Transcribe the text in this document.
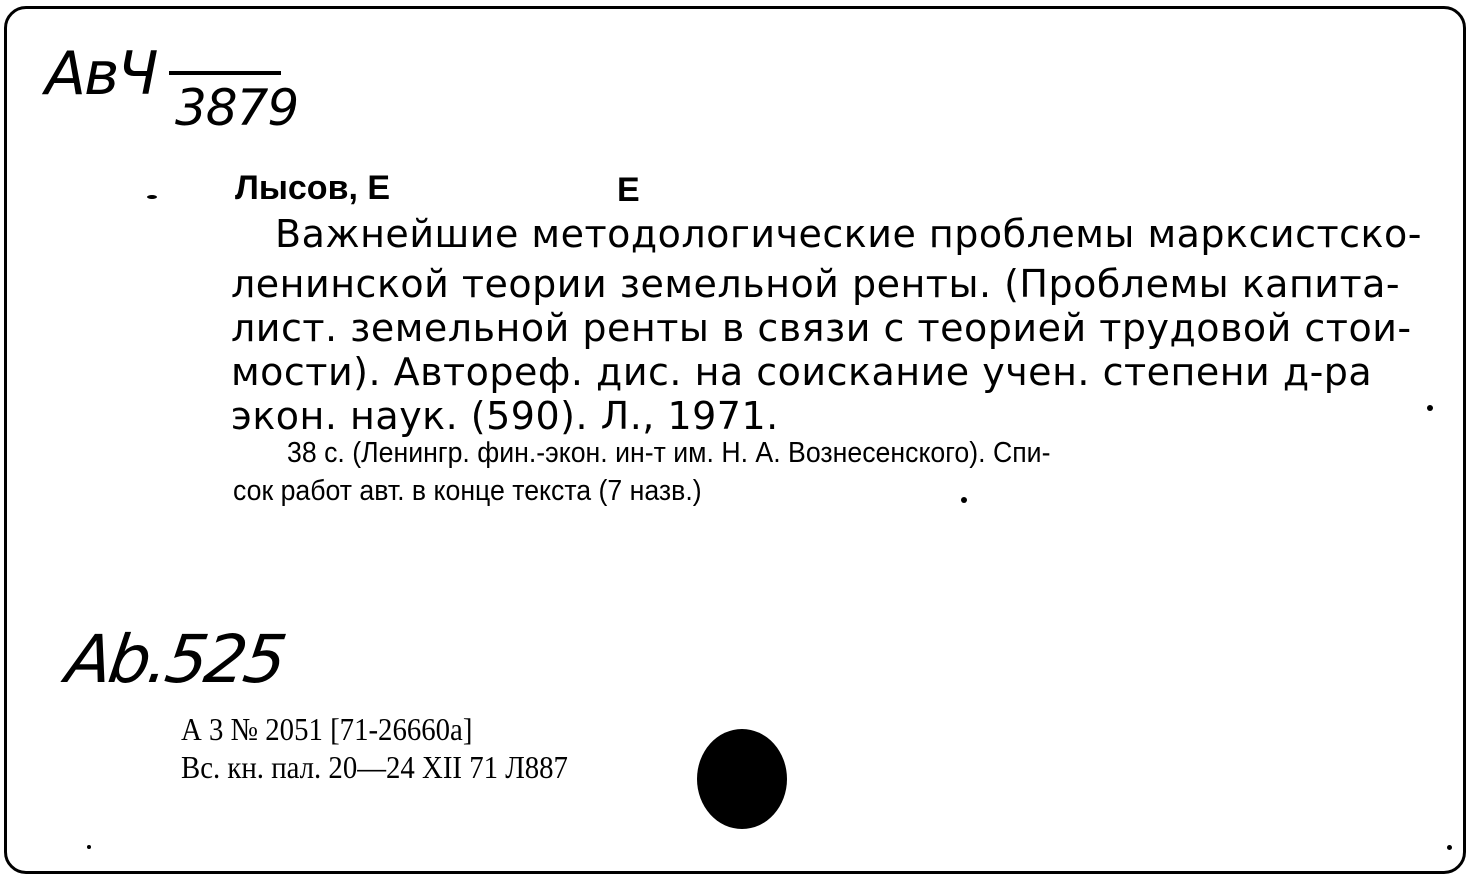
АвЧ 3879
Лысов, Е	Е
Важнейшие методологические проблемы марксистско-
ленинской теории земельной ренты. (Проблемы капита-
лист. земельной ренты в связи с теорией трудовой стои-
мости). Автореф. дис. на соискание учен. степени д-ра
экон. наук. (590). Л., 1971.
38 с. (Ленингр. фин.-экон. ин-т им. Н. А. Вознесенского). Спи-
сок работ авт. в конце текста (7 назв.)
Ab.525
А 3 № 2051 [71-26660а]
Вс. кн. пал. 20—24 XII 71 Л887
